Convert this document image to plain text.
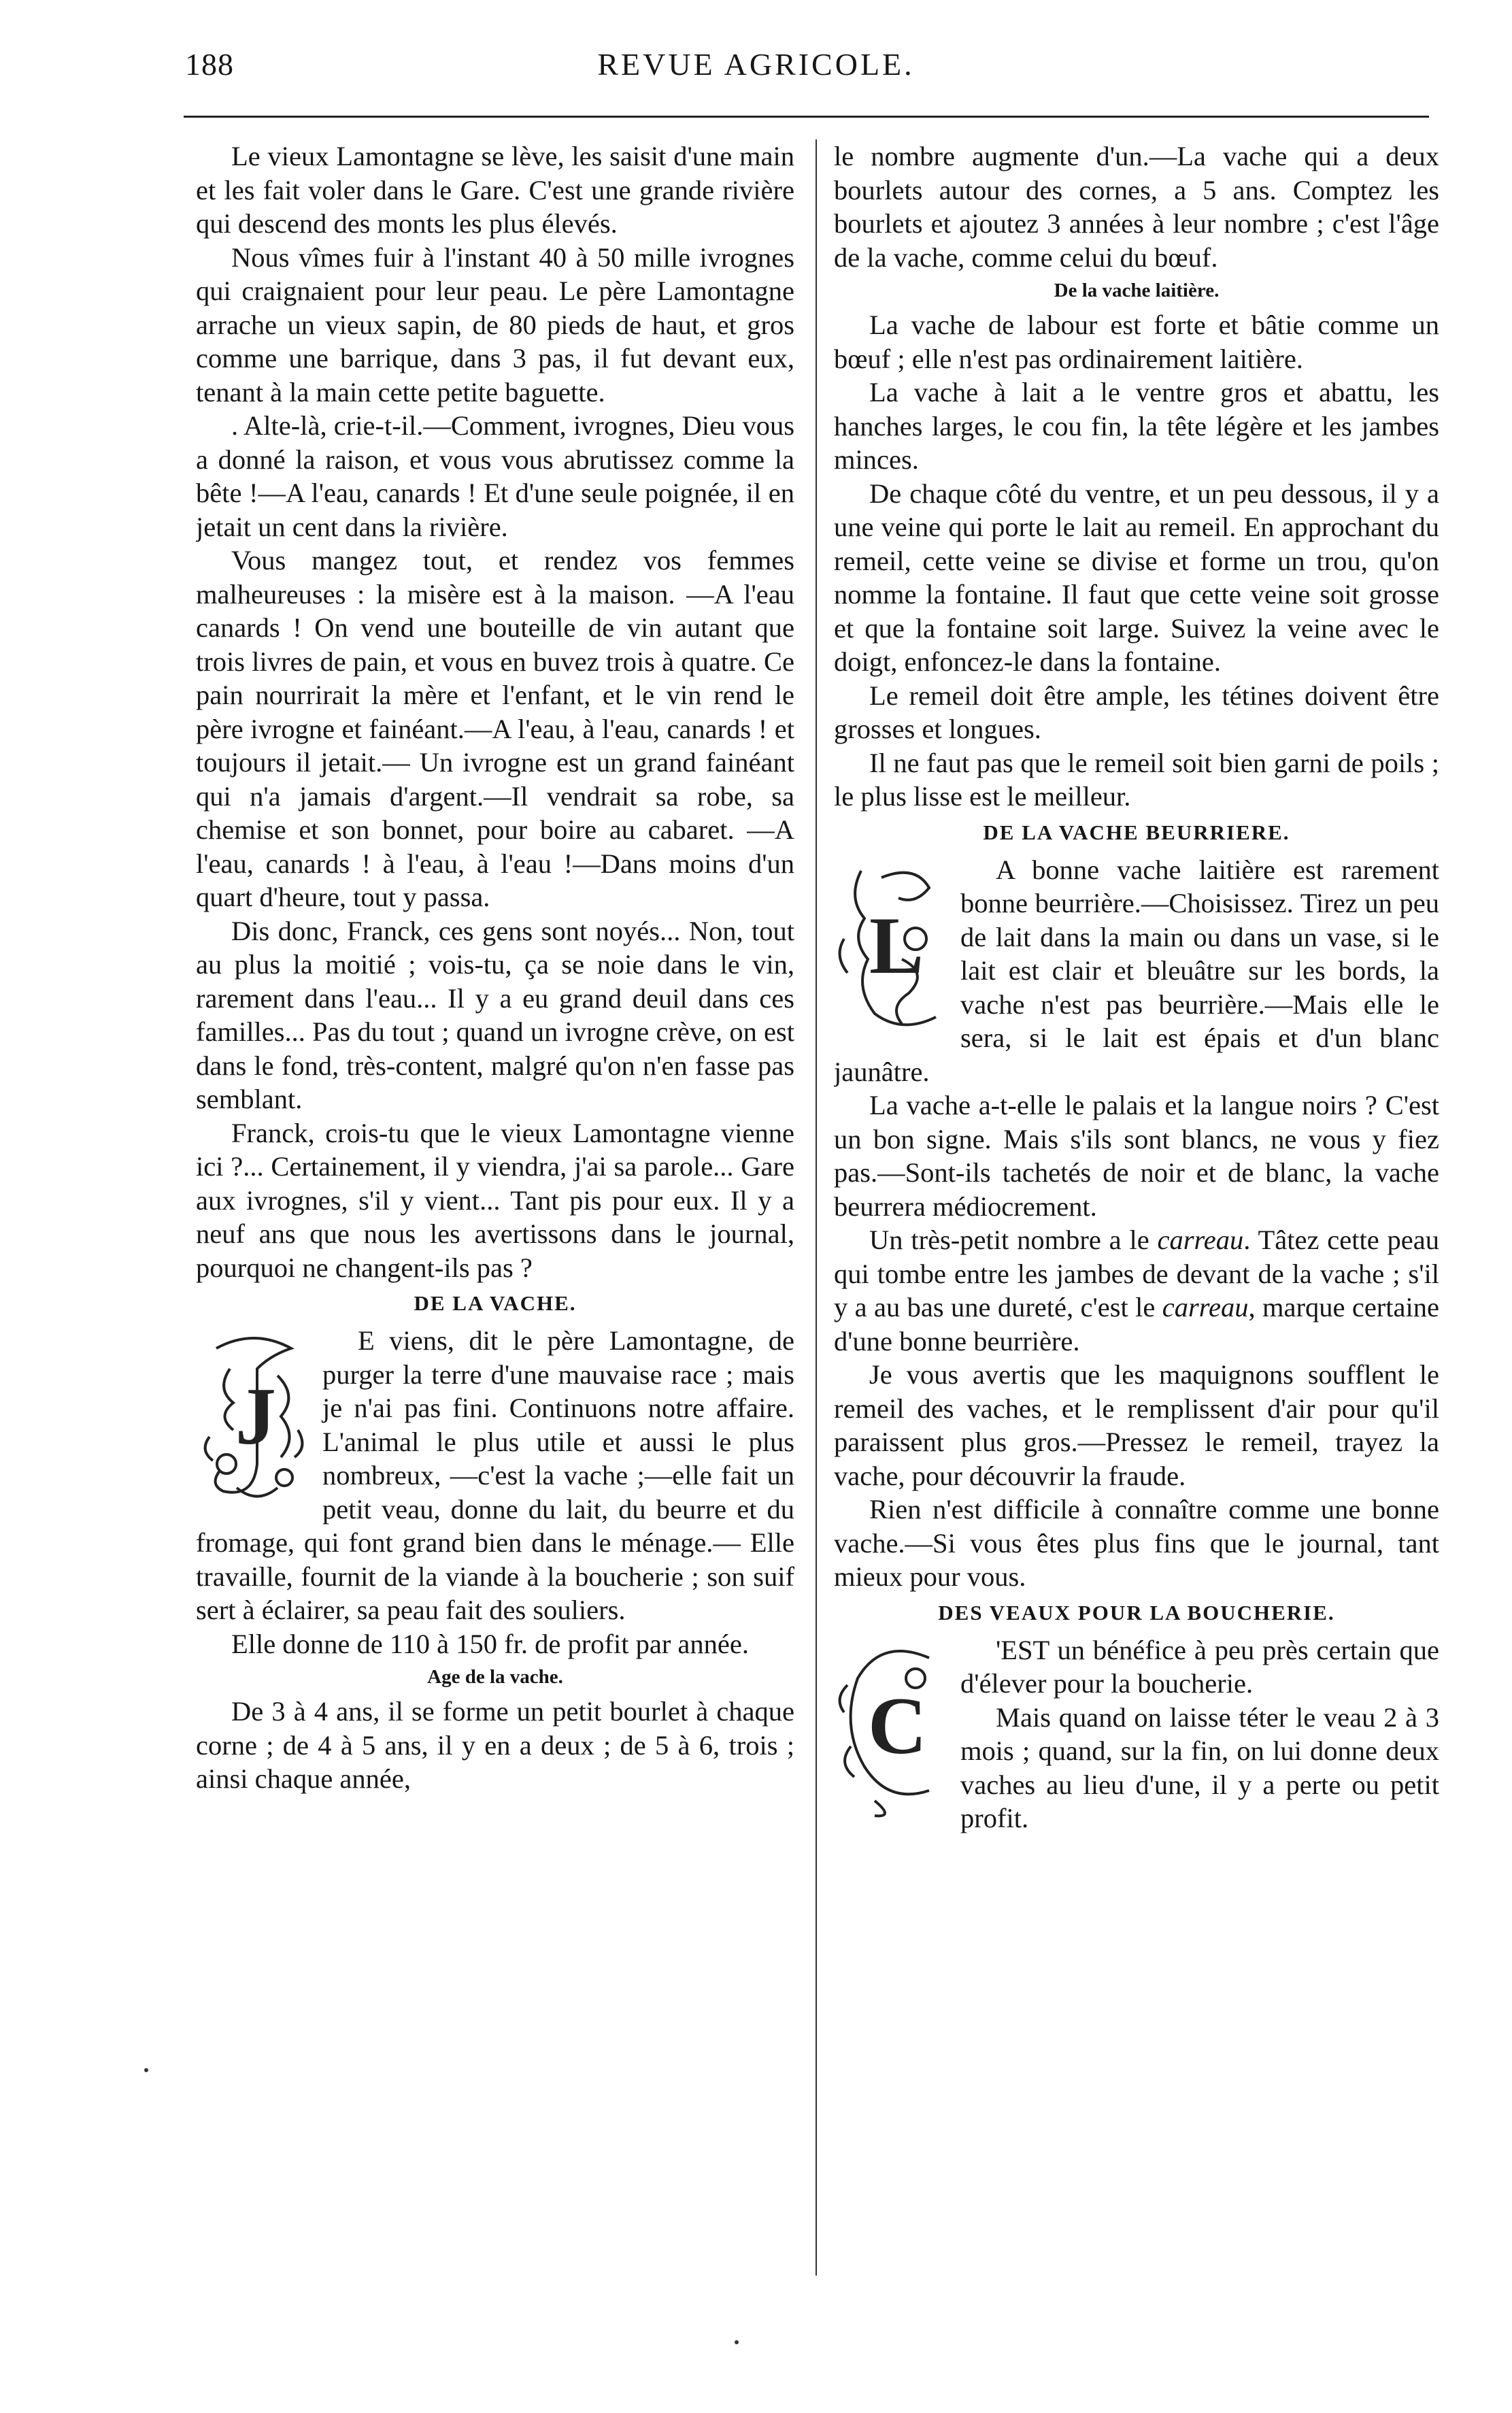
188	REVUE AGRICOLE.

Le vieux Lamontagne se lève, les saisit d'une main et les fait voler dans le Gare. C'est une grande rivière qui descend des monts les plus élevés.

Nous vîmes fuir à l'instant 40 à 50 mille ivrognes qui craignaient pour leur peau. Le père Lamontagne arrache un vieux sapin, de 80 pieds de haut, et gros comme une barrique, dans 3 pas, il fut devant eux, tenant à la main cette petite baguette.

. Alte-là, crie-t-il.—Comment, ivrognes, Dieu vous a donné la raison, et vous vous abrutissez comme la bête !—A l'eau, canards ! Et d'une seule poignée, il en jetait un cent dans la rivière.

Vous mangez tout, et rendez vos femmes malheureuses : la misère est à la maison. —A l'eau canards ! On vend une bouteille de vin autant que trois livres de pain, et vous en buvez trois à quatre. Ce pain nourrirait la mère et l'enfant, et le vin rend le père ivrogne et fainéant.—A l'eau, à l'eau, canards ! et toujours il jetait.— Un ivrogne est un grand fainéant qui n'a jamais d'argent.—Il vendrait sa robe, sa chemise et son bonnet, pour boire au cabaret. —A l'eau, canards ! à l'eau, à l'eau !—Dans moins d'un quart d'heure, tout y passa.

Dis donc, Franck, ces gens sont noyés... Non, tout au plus la moitié ; vois-tu, ça se noie dans le vin, rarement dans l'eau... Il y a eu grand deuil dans ces familles... Pas du tout ; quand un ivrogne crève, on est dans le fond, très-content, malgré qu'on n'en fasse pas semblant.

Franck, crois-tu que le vieux Lamontagne vienne ici ?... Certainement, il y viendra, j'ai sa parole... Gare aux ivrognes, s'il y vient... Tant pis pour eux. Il y a neuf ans que nous les avertissons dans le journal, pourquoi ne changent-ils pas ?

DE LA VACHE.
J

E viens, dit le père Lamontagne, de purger la terre d'une mauvaise race ; mais je n'ai pas fini. Continuons notre affaire. L'animal le plus utile et aussi le plus nombreux, —c'est la vache ;—elle fait un petit veau, donne du lait, du beurre et du fromage, qui font grand bien dans le ménage.— Elle travaille, fournit de la viande à la boucherie ; son suif sert à éclairer, sa peau fait des souliers.

Elle donne de 110 à 150 fr. de profit par année.

Age de la vache.

De 3 à 4 ans, il se forme un petit bourlet à chaque corne ; de 4 à 5 ans, il y en a deux ; de 5 à 6, trois ; ainsi chaque année,

le nombre augmente d'un.—La vache qui a deux bourlets autour des cornes, a 5 ans. Comptez les bourlets et ajoutez 3 années à leur nombre ; c'est l'âge de la vache, comme celui du bœuf.

De la vache laitière.

La vache de labour est forte et bâtie comme un bœuf ; elle n'est pas ordinairement laitière.

La vache à lait a le ventre gros et abattu, les hanches larges, le cou fin, la tête légère et les jambes minces.

De chaque côté du ventre, et un peu dessous, il y a une veine qui porte le lait au remeil. En approchant du remeil, cette veine se divise et forme un trou, qu'on nomme la fontaine. Il faut que cette veine soit grosse et que la fontaine soit large. Suivez la veine avec le doigt, enfoncez-le dans la fontaine.

Le remeil doit être ample, les tétines doivent être grosses et longues.

Il ne faut pas que le remeil soit bien garni de poils ; le plus lisse est le meilleur.

DE LA VACHE BEURRIERE.
L

A bonne vache laitière est rarement bonne beurrière.—Choisissez. Tirez un peu de lait dans la main ou dans un vase, si le lait est clair et bleuâtre sur les bords, la vache n'est pas beurrière.—Mais elle le sera, si le lait est épais et d'un blanc jaunâtre.

La vache a-t-elle le palais et la langue noirs ? C'est un bon signe. Mais s'ils sont blancs, ne vous y fiez pas.—Sont-ils tachetés de noir et de blanc, la vache beurrera médiocrement.

Un très-petit nombre a le carreau. Tâtez cette peau qui tombe entre les jambes de devant de la vache ; s'il y a au bas une dureté, c'est le carreau, marque certaine d'une bonne beurrière.

Je vous avertis que les maquignons soufflent le remeil des vaches, et le remplissent d'air pour qu'il paraissent plus gros.—Pressez le remeil, trayez la vache, pour découvrir la fraude.

Rien n'est difficile à connaître comme une bonne vache.—Si vous êtes plus fins que le journal, tant mieux pour vous.

DES VEAUX POUR LA BOUCHERIE.
C

'EST un bénéfice à peu près certain que d'élever pour la boucherie.

Mais quand on laisse téter le veau 2 à 3 mois ; quand, sur la fin, on lui donne deux vaches au lieu d'une, il y a perte ou petit profit.
